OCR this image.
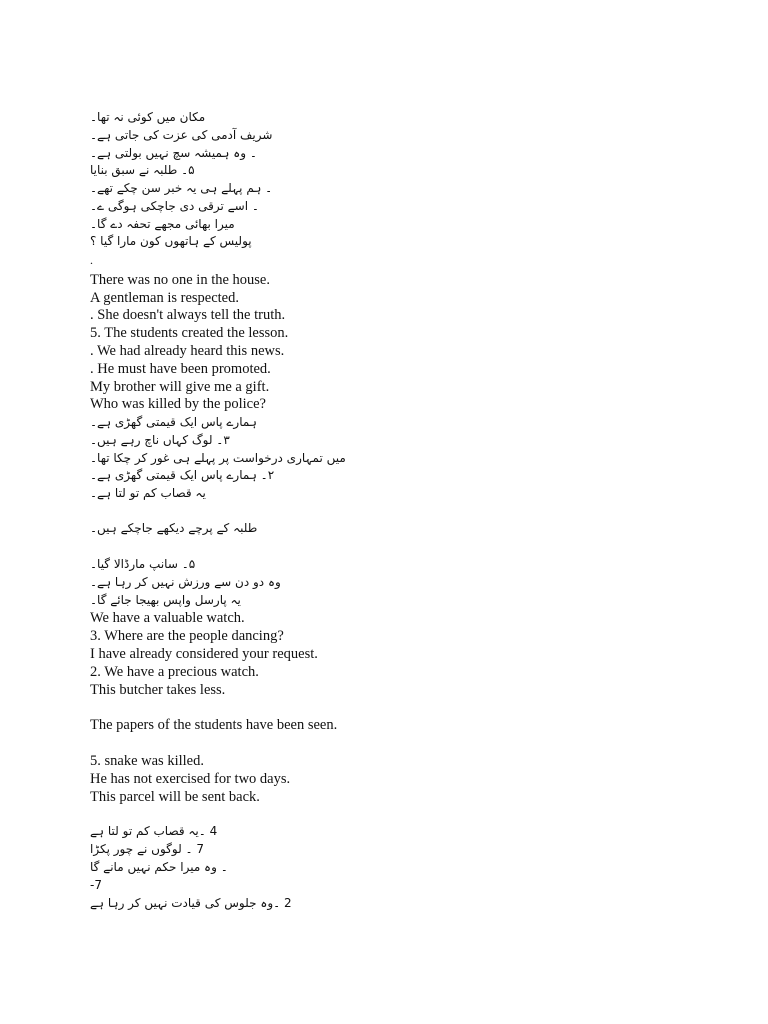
مکان میں کوئی نہ تھا۔
شریف آدمی کی عزت کی جاتی ہے۔
۔ وہ ہمیشہ سچ نہیں بولتی ہے۔
۵۔ طلبہ نے سبق بنایا
۔ ہم پہلے ہی یہ خبر سن چکے تھے۔
۔ اسے ترقی دی جاچکی ہوگی ے۔
میرا بھائی مجھے تحفہ دے گا۔
پولیس کے ہاتھوں کون مارا گیا ؟
.
There was no one in the house.
A gentleman is respected.
. She doesn't always tell the truth.
5. The students created the lesson.
. We had already heard this news.
. He must have been promoted.
My brother will give me a gift.
Who was killed by the police?
ہمارے پاس ایک قیمتی گھڑی ہے۔
۳۔ لوگ کہاں ناچ رہے ہیں۔
میں تمہاری درخواست پر پہلے ہی غور کر چکا تھا۔
۲۔ ہمارے پاس ایک قیمتی گھڑی ہے۔
یہ قصاب کم تو لتا ہے۔
طلبہ کے پرچے دیکھے جاچکے ہیں۔
۵۔ سانپ مارڈالا گیا۔
وہ دو دن سے ورزش نہیں کر رہا ہے۔
یہ پارسل واپس بھیجا جائے گا۔
We have a valuable watch.
3. Where are the people dancing?
I have already considered your request.
2. We have a precious watch.
This butcher takes less.
The papers of the students have been seen.
5. snake was killed.
He has not exercised for two days.
This parcel will be sent back.
4 ۔یہ قصاب کم تو لتا ہے
7 ۔ لوگوں نے چور پکڑا
۔ وہ میرا حکم نہیں مانے گا
-7
2 ۔وہ جلوس کی قیادت نہیں کر رہا ہے
